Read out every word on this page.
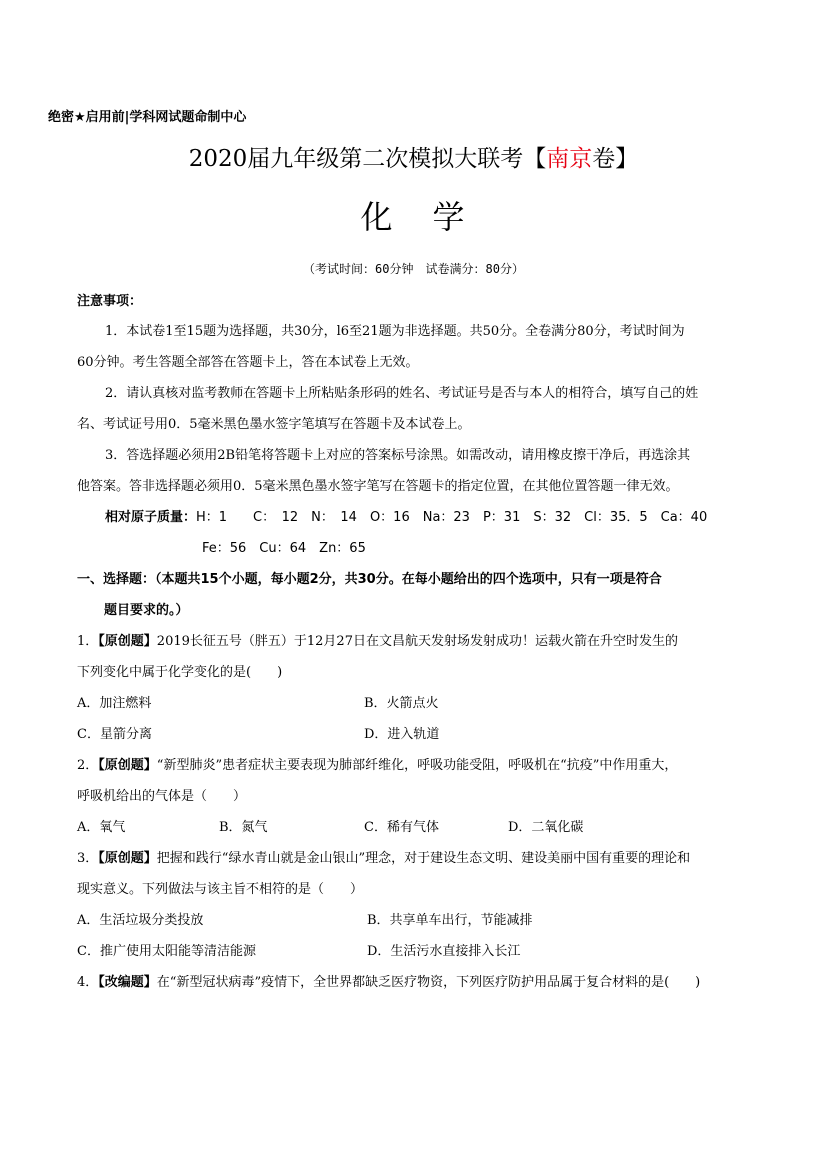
绝密★启用前|学科网试题命制中心
2020届九年级第二次模拟大联考【南京卷】
化 学
（考试时间：60分钟　试卷满分：80分）
注意事项：
1．本试卷1至15题为选择题，共30分，l6至21题为非选择题。共50分。全卷满分80分，考试时间为
60分钟。考生答题全部答在答题卡上，答在本试卷上无效。
2．请认真核对监考教师在答题卡上所粘贴条形码的姓名、考试证号是否与本人的相符合，填写自己的姓
名、考试证号用0．5毫米黑色墨水签字笔填写在答题卡及本试卷上。
3．答选择题必须用2B铅笔将答题卡上对应的答案标号涂黑。如需改动，请用橡皮擦干净后，再选涂其
他答案。答非选择题必须用0．5毫米黑色墨水签字笔写在答题卡的指定位置，在其他位置答题一律无效。
相对原子质量：H：1　　C：　12　N：　14　O：16　Na：23　P：31　S：32　Cl：35．5　Ca：40
Fe：56　Cu：64　Zn：65
一、选择题：（本题共15个小题，每小题2分，共30分。在每小题给出的四个选项中，只有一项是符合
题目要求的。）
1．【原创题】2019长征五号（胖五）于12月27日在文昌航天发射场发射成功！运载火箭在升空时发生的
下列变化中属于化学变化的是(　　)
A．加注燃料	B．火箭点火
C．星箭分离	D．进入轨道
2．【原创题】“新型肺炎”患者症状主要表现为肺部纤维化，呼吸功能受阻，呼吸机在“抗疫”中作用重大，
呼吸机给出的气体是（　　）
A．氧气	B．氮气	C．稀有气体	D．二氧化碳
3．【原创题】把握和践行“绿水青山就是金山银山”理念，对于建设生态文明、建设美丽中国有重要的理论和
现实意义。下列做法与该主旨不相符的是（　　）
A．生活垃圾分类投放	B．共享单车出行，节能减排
C．推广使用太阳能等清洁能源	D．生活污水直接排入长江
4．【改编题】在“新型冠状病毒”疫情下，全世界都缺乏医疗物资，下列医疗防护用品属于复合材料的是(　　)
